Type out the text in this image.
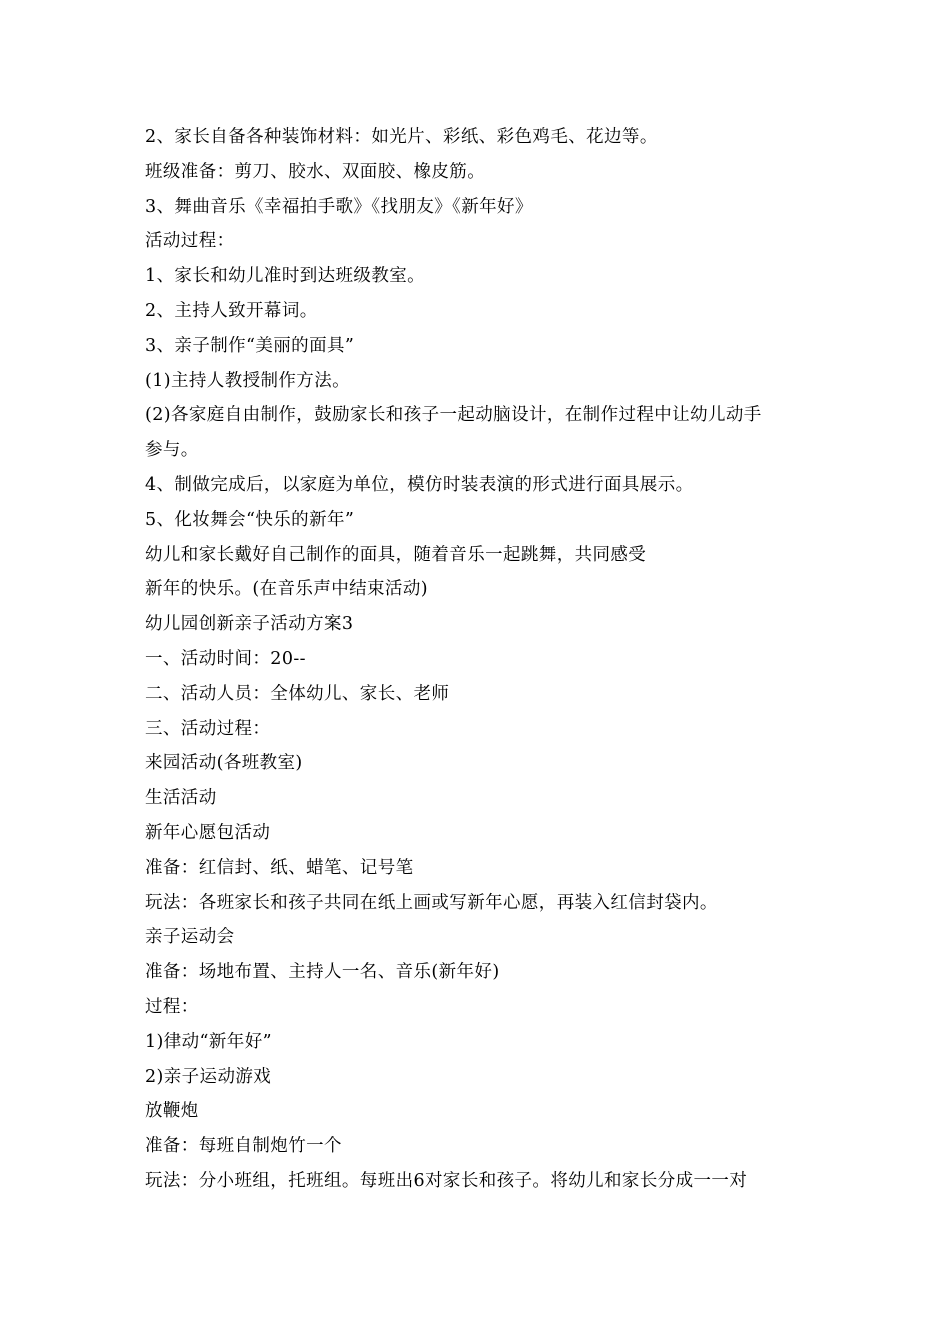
2、家长自备各种装饰材料：如光片、彩纸、彩色鸡毛、花边等。
班级准备：剪刀、胶水、双面胶、橡皮筋。
3、舞曲音乐《幸福拍手歌》《找朋友》《新年好》
活动过程：
1、家长和幼儿准时到达班级教室。
2、主持人致开幕词。
3、亲子制作“美丽的面具”
(1)主持人教授制作方法。
(2)各家庭自由制作，鼓励家长和孩子一起动脑设计，在制作过程中让幼儿动手
参与。
4、制做完成后，以家庭为单位，模仿时装表演的形式进行面具展示。
5、化妆舞会“快乐的新年”
幼儿和家长戴好自己制作的面具，随着音乐一起跳舞，共同感受
新年的快乐。(在音乐声中结束活动)
幼儿园创新亲子活动方案3
一、活动时间：20--
二、活动人员：全体幼儿、家长、老师
三、活动过程：
来园活动(各班教室)
生活活动
新年心愿包活动
准备：红信封、纸、蜡笔、记号笔
玩法：各班家长和孩子共同在纸上画或写新年心愿，再装入红信封袋内。
亲子运动会
准备：场地布置、主持人一名、音乐(新年好)
过程：
1)律动“新年好”
2)亲子运动游戏
放鞭炮
准备：每班自制炮竹一个
玩法：分小班组，托班组。每班出6对家长和孩子。将幼儿和家长分成一一对
